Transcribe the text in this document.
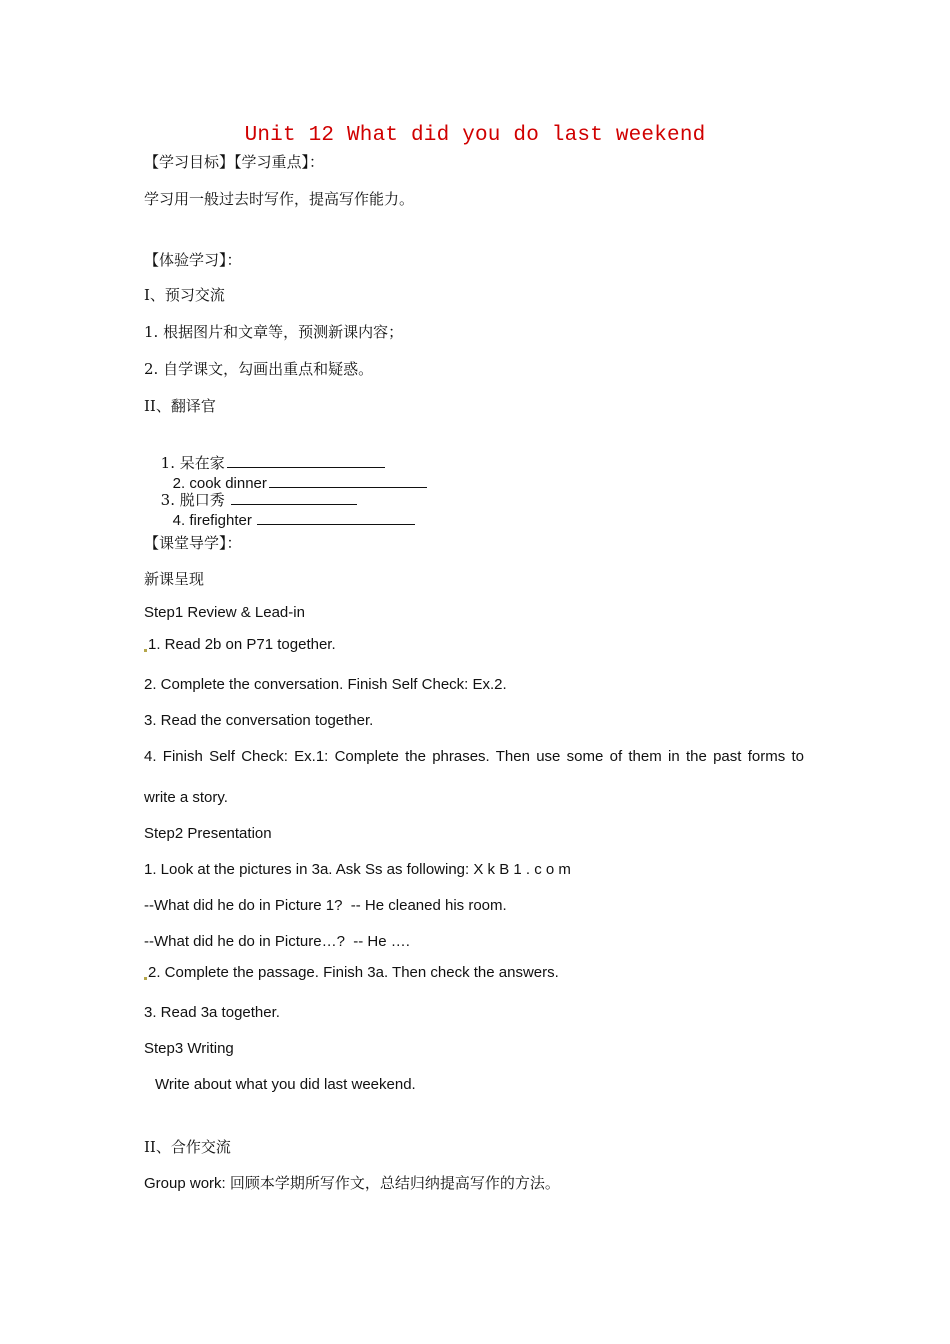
Unit 12 What did you do last weekend
【学习目标】【学习重点】：
学习用一般过去时写作，提高写作能力。
【体验学习】：
I、预习交流
1. 根据图片和文章等，预测新课内容；
2. 自学课文，勾画出重点和疑惑。
II、翻译官

1. 呆在家
2. cook dinner

3. 脱口秀
4. firefighter

【课堂导学】：
新课呈现
Step1 Review & Lead-in
1. Read 2b on P71 together.
2. Complete the conversation. Finish Self Check: Ex.2.
3. Read the conversation together.
4. Finish Self Check: Ex.1: Complete the phrases. Then use some of them in the past forms to
write a story.
Step2 Presentation
1. Look at the pictures in 3a. Ask Ss as following: X k B 1 . c o m
--What did he do in Picture 1?  -- He cleaned his room.
--What did he do in Picture…?  -- He ….
2. Complete the passage. Finish 3a. Then check the answers.
3. Read 3a together.
Step3 Writing
Write about what you did last weekend.
II、合作交流
Group work: 回顾本学期所写作文，总结归纳提高写作的方法。
